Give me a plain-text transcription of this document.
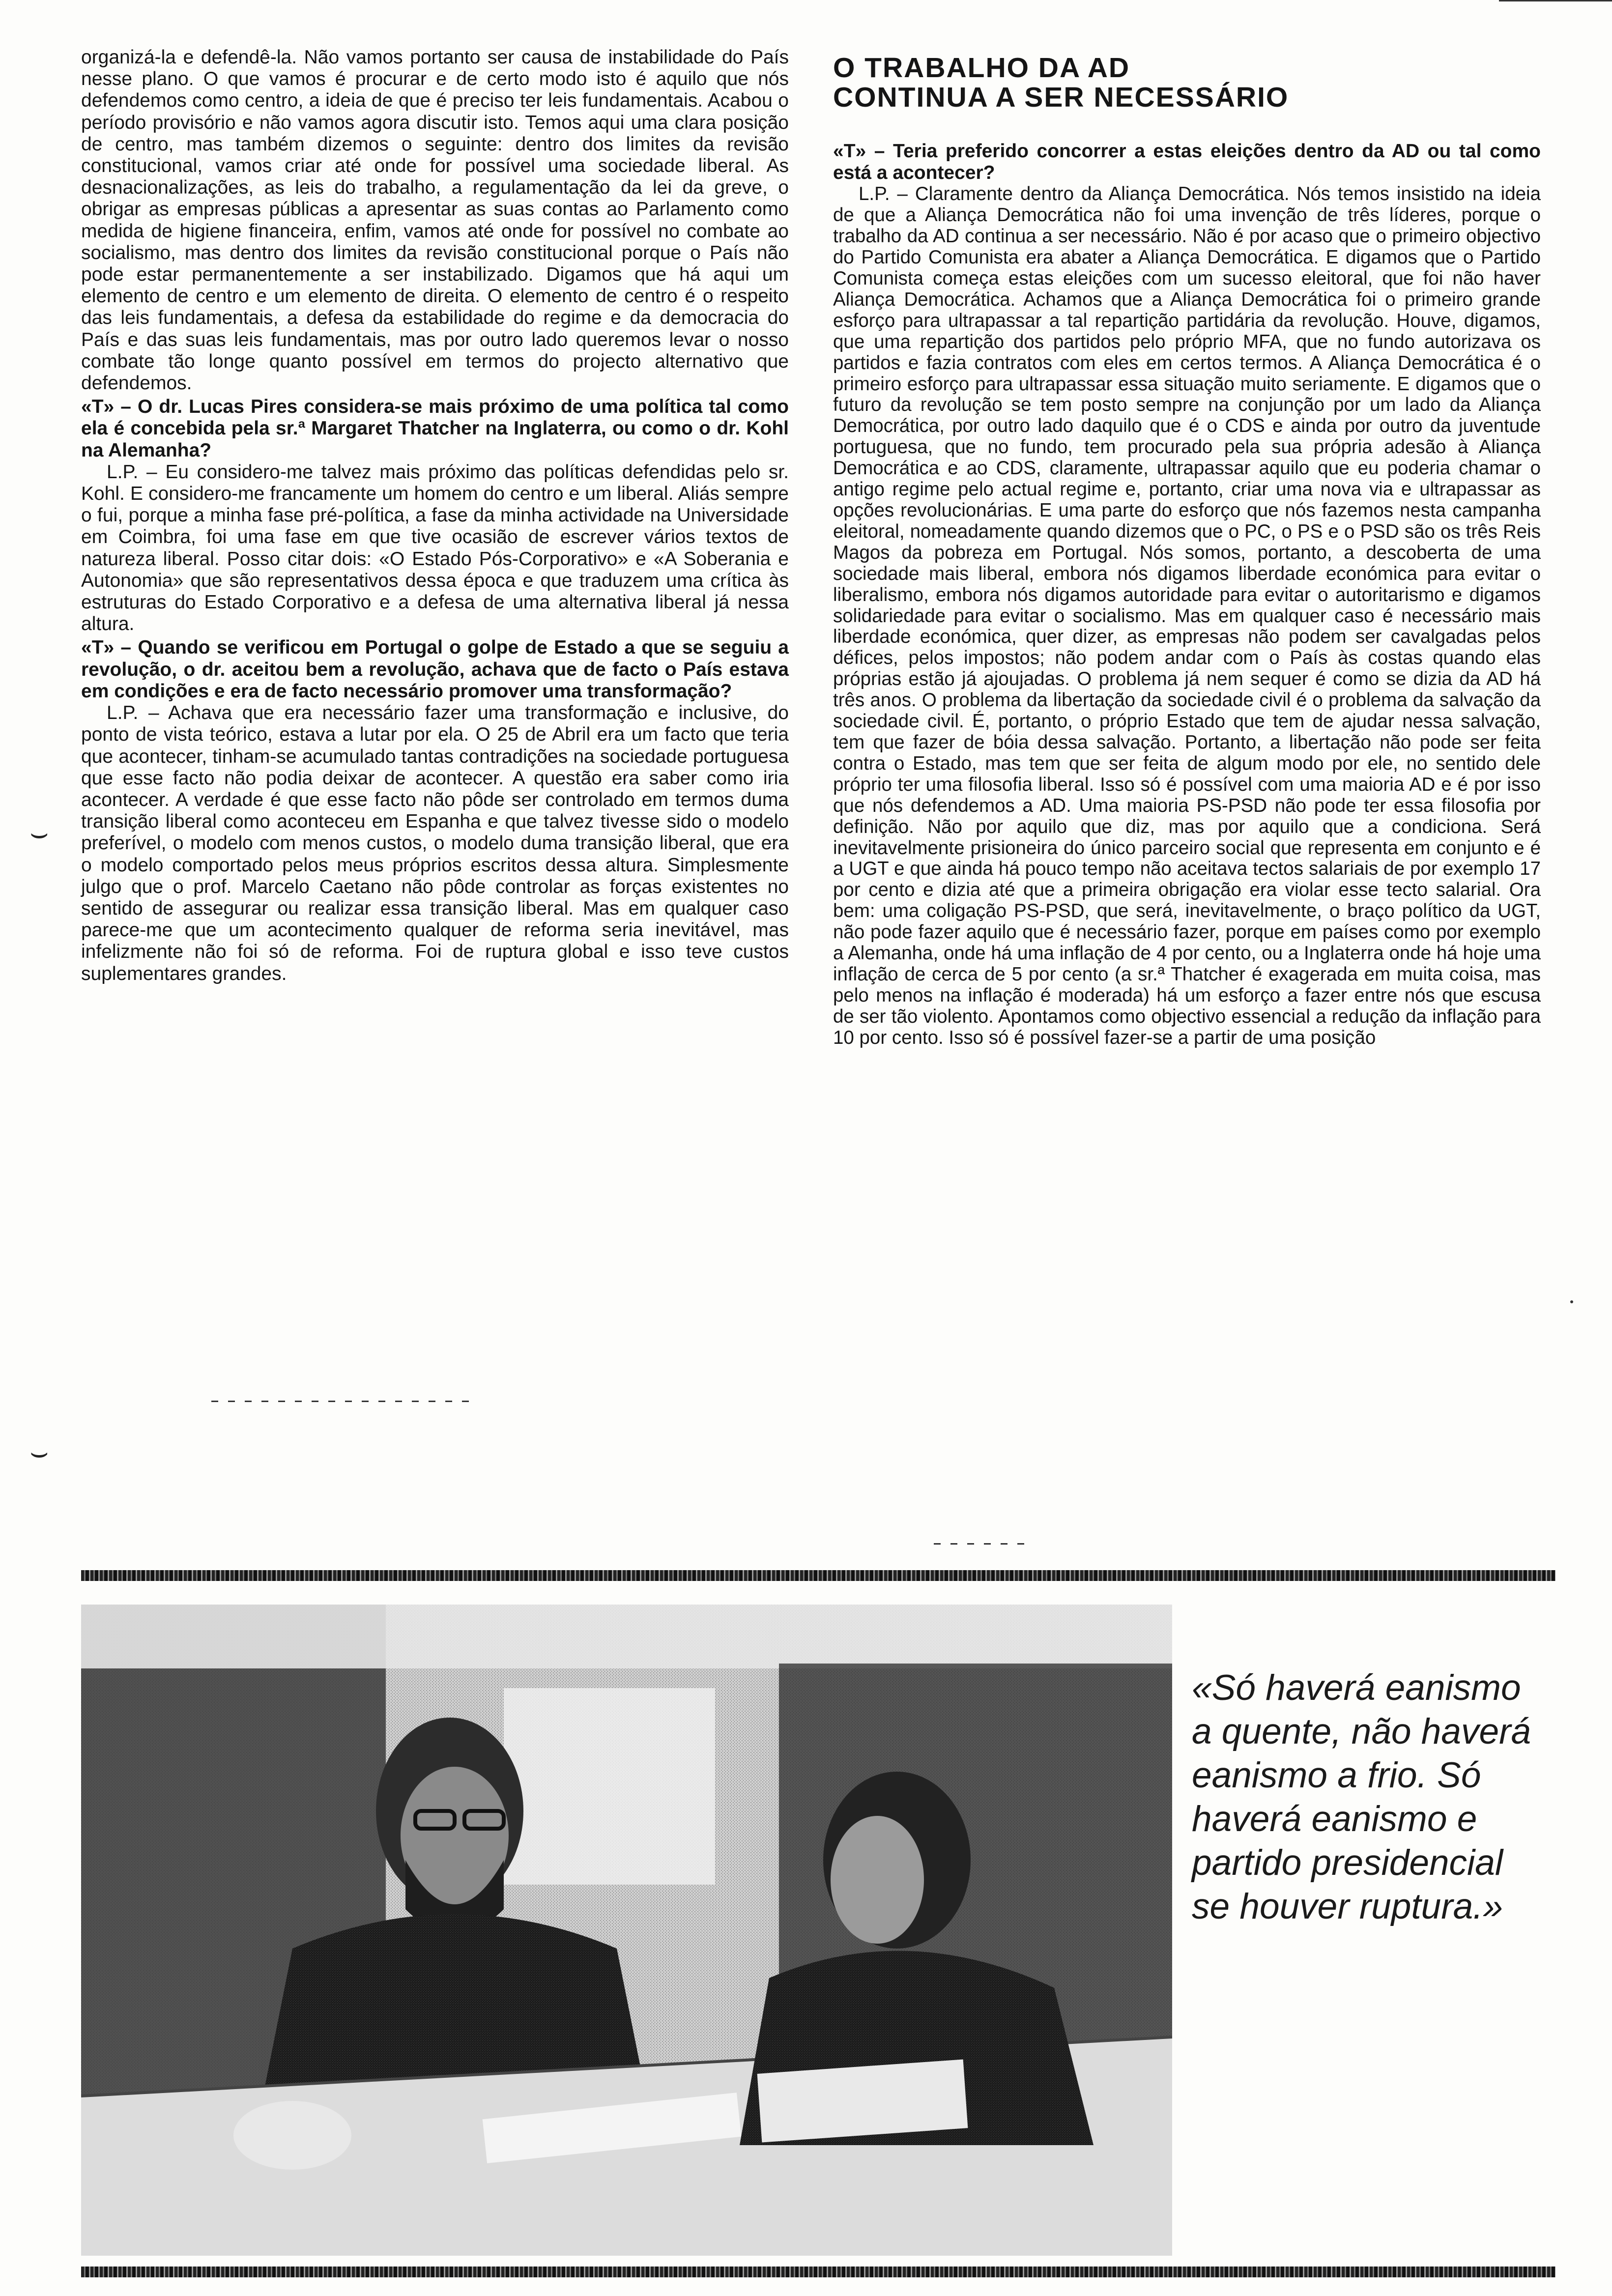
organizá-la e defendê-la. Não vamos portanto ser causa de instabilidade do País nesse plano. O que vamos é procurar e de certo modo isto é aquilo que nós defendemos como centro, a ideia de que é preciso ter leis fundamentais. Acabou o período provisório e não vamos agora discutir isto. Temos aqui uma clara posição de centro, mas também dizemos o seguinte: dentro dos limites da revisão constitucional, vamos criar até onde for possível uma sociedade liberal. As desnacionalizações, as leis do trabalho, a regulamentação da lei da greve, o obrigar as empresas públicas a apresentar as suas contas ao Parlamento como medida de higiene financeira, enfim, vamos até onde for possível no combate ao socialismo, mas dentro dos limites da revisão constitucional porque o País não pode estar permanentemente a ser instabilizado. Digamos que há aqui um elemento de centro e um elemento de direita. O elemento de centro é o respeito das leis fundamentais, a defesa da estabilidade do regime e da democracia do País e das suas leis fundamentais, mas por outro lado queremos levar o nosso combate tão longe quanto possível em termos do projecto alternativo que defendemos.

«T» – O dr. Lucas Pires considera-se mais próximo de uma política tal como ela é concebida pela sr.ª Margaret Thatcher na Inglaterra, ou como o dr. Kohl na Alemanha?

L.P. – Eu considero-me talvez mais próximo das políticas defendidas pelo sr. Kohl. E considero-me francamente um homem do centro e um liberal. Aliás sempre o fui, porque a minha fase pré-política, a fase da minha actividade na Universidade em Coimbra, foi uma fase em que tive ocasião de escrever vários textos de natureza liberal. Posso citar dois: «O Estado Pós-Corporativo» e «A Soberania e Autonomia» que são representativos dessa época e que traduzem uma crítica às estruturas do Estado Corporativo e a defesa de uma alternativa liberal já nessa altura.

«T» – Quando se verificou em Portugal o golpe de Estado a que se seguiu a revolução, o dr. aceitou bem a revolução, achava que de facto o País estava em condições e era de facto necessário promover uma transformação?

L.P. – Achava que era necessário fazer uma transformação e inclusive, do ponto de vista teórico, estava a lutar por ela. O 25 de Abril era um facto que teria que acontecer, tinham-se acumulado tantas contradições na sociedade portuguesa que esse facto não podia deixar de acontecer. A questão era saber como iria acontecer. A verdade é que esse facto não pôde ser controlado em termos duma transição liberal como aconteceu em Espanha e que talvez tivesse sido o modelo preferível, o modelo com menos custos, o modelo duma transição liberal, que era o modelo comportado pelos meus próprios escritos dessa altura. Simplesmente julgo que o prof. Marcelo Caetano não pôde controlar as forças existentes no sentido de assegurar ou realizar essa transição liberal. Mas em qualquer caso parece-me que um acontecimento qualquer de reforma seria inevitável, mas infelizmente não foi só de reforma. Foi de ruptura global e isso teve custos suplementares grandes.

O TRABALHO DA AD
CONTINUA A SER NECESSÁRIO

«T» – Teria preferido concorrer a estas eleições dentro da AD ou tal como está a acontecer?

L.P. – Claramente dentro da Aliança Democrática. Nós temos insistido na ideia de que a Aliança Democrática não foi uma invenção de três líderes, porque o trabalho da AD continua a ser necessário. Não é por acaso que o primeiro objectivo do Partido Comunista era abater a Aliança Democrática. E digamos que o Partido Comunista começa estas eleições com um sucesso eleitoral, que foi não haver Aliança Democrática. Achamos que a Aliança Democrática foi o primeiro grande esforço para ultrapassar a tal repartição partidária da revolução. Houve, digamos, que uma repartição dos partidos pelo próprio MFA, que no fundo autorizava os partidos e fazia contratos com eles em certos termos. A Aliança Democrática é o primeiro esforço para ultrapassar essa situação muito seriamente. E digamos que o futuro da revolução se tem posto sempre na conjunção por um lado da Aliança Democrática, por outro lado daquilo que é o CDS e ainda por outro da juventude portuguesa, que no fundo, tem procurado pela sua própria adesão à Aliança Democrática e ao CDS, claramente, ultrapassar aquilo que eu poderia chamar o antigo regime pelo actual regime e, portanto, criar uma nova via e ultrapassar as opções revolucionárias. E uma parte do esforço que nós fazemos nesta campanha eleitoral, nomeadamente quando dizemos que o PC, o PS e o PSD são os três Reis Magos da pobreza em Portugal. Nós somos, portanto, a descoberta de uma sociedade mais liberal, embora nós digamos liberdade económica para evitar o liberalismo, embora nós digamos autoridade para evitar o autoritarismo e digamos solidariedade para evitar o socialismo. Mas em qualquer caso é necessário mais liberdade económica, quer dizer, as empresas não podem ser cavalgadas pelos défices, pelos impostos; não podem andar com o País às costas quando elas próprias estão já ajoujadas. O problema já nem sequer é como se dizia da AD há três anos. O problema da libertação da sociedade civil é o problema da salvação da sociedade civil. É, portanto, o próprio Estado que tem de ajudar nessa salvação, tem que fazer de bóia dessa salvação. Portanto, a libertação não pode ser feita contra o Estado, mas tem que ser feita de algum modo por ele, no sentido dele próprio ter uma filosofia liberal. Isso só é possível com uma maioria AD e é por isso que nós defendemos a AD. Uma maioria PS-PSD não pode ter essa filosofia por definição. Não por aquilo que diz, mas por aquilo que a condiciona. Será inevitavelmente prisioneira do único parceiro social que representa em conjunto e é a UGT e que ainda há pouco tempo não aceitava tectos salariais de por exemplo 17 por cento e dizia até que a primeira obrigação era violar esse tecto salarial. Ora bem: uma coligação PS-PSD, que será, inevitavelmente, o braço político da UGT, não pode fazer aquilo que é necessário fazer, porque em países como por exemplo a Alemanha, onde há uma inflação de 4 por cento, ou a Inglaterra onde há hoje uma inflação de cerca de 5 por cento (a sr.ª Thatcher é exagerada em muita coisa, mas pelo menos na inflação é moderada) há um esforço a fazer entre nós que escusa de ser tão violento. Apontamos como objectivo essencial a redução da inflação para 10 por cento. Isso só é possível fazer-se a partir de uma posição

⌣
⌣
«Só haverá eanismo a quente, não haverá eanismo a frio. Só haverá eanismo e partido presidencial se houver ruptura.»
